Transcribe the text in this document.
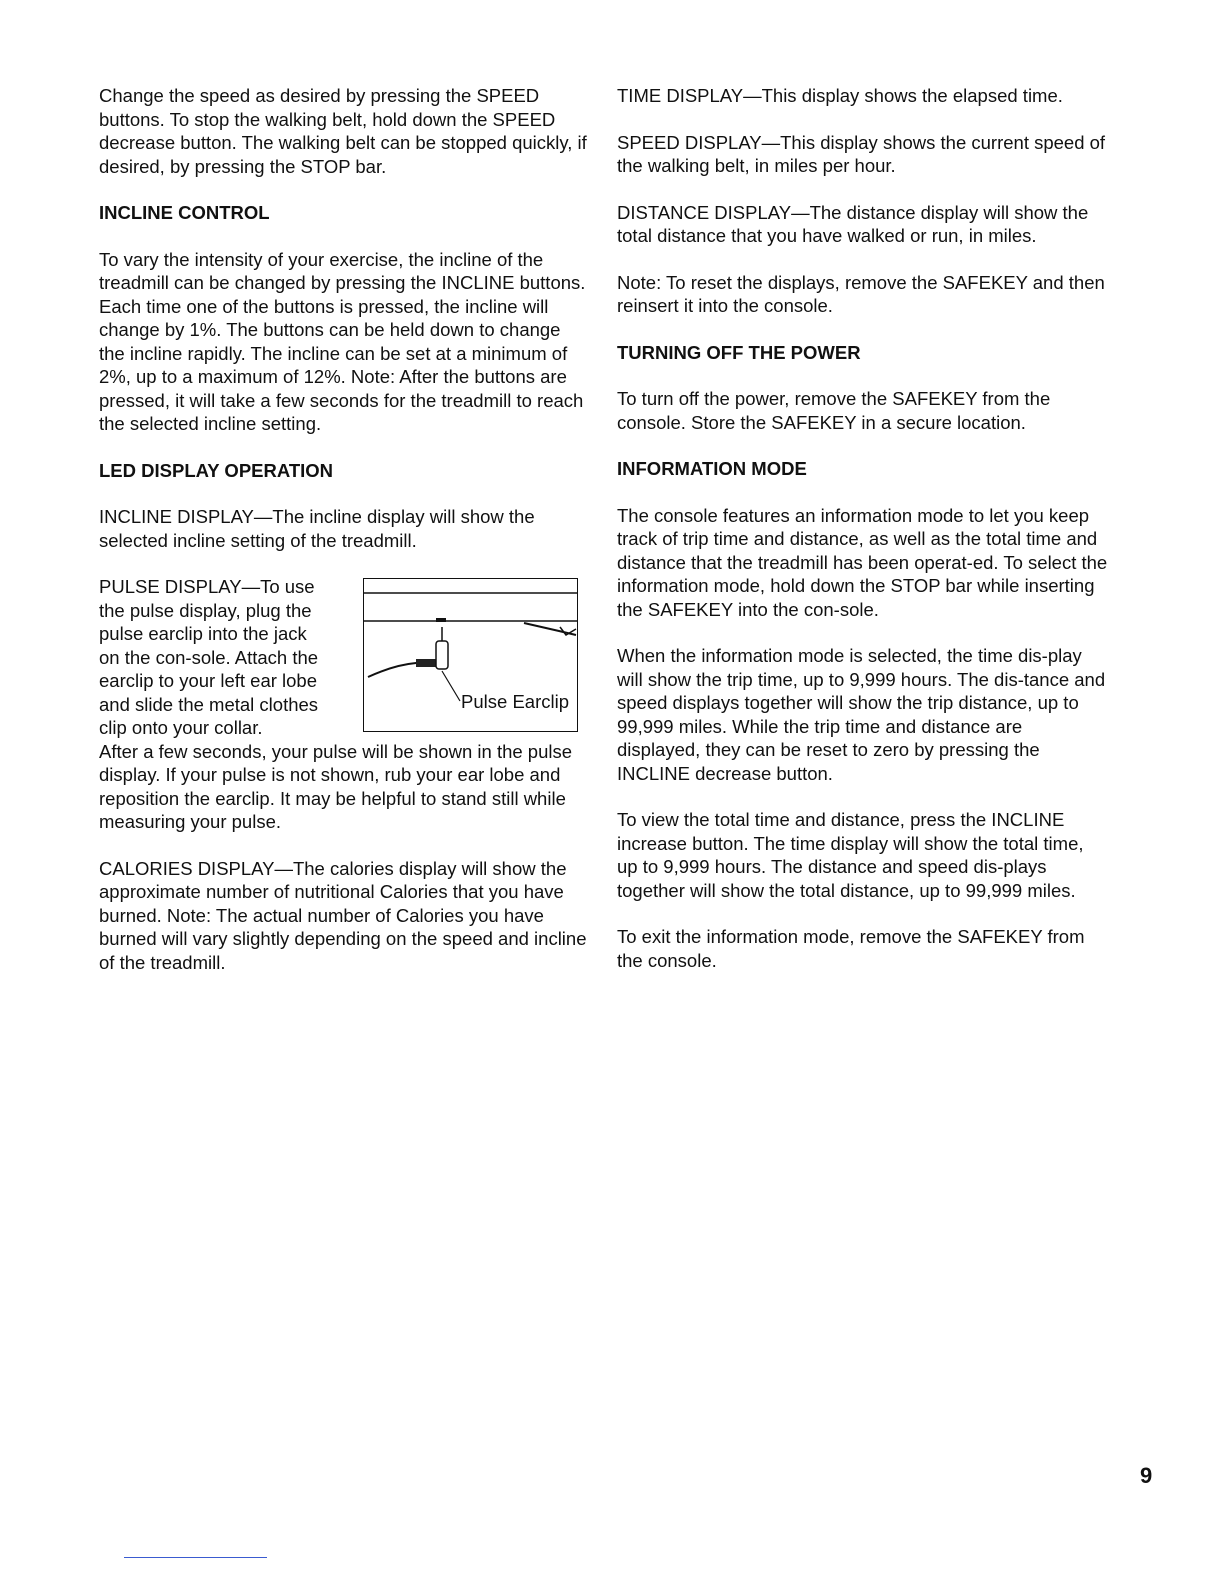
Change the speed as desired by pressing the SPEED buttons. To stop the walking belt, hold down the SPEED decrease button. The walking belt can be stopped quickly, if desired, by pressing the STOP bar.

INCLINE CONTROL

To vary the intensity of your exercise, the incline of the treadmill can be changed by pressing the INCLINE buttons. Each time one of the buttons is pressed, the incline will change by 1%. The buttons can be held down to change the incline rapidly. The incline can be set at a minimum of 2%, up to a maximum of 12%. Note: After the buttons are pressed, it will take a few seconds for the treadmill to reach the selected incline setting.

LED DISPLAY OPERATION

INCLINE DISPLAY—The incline display will show the selected incline setting of the treadmill.

PULSE DISPLAY—To use the pulse display, plug the pulse earclip into the jack on the con-sole. Attach the earclip to your left ear lobe and slide the metal clothes clip onto your collar.

Pulse Earclip

After a few seconds, your pulse will be shown in the pulse display. If your pulse is not shown, rub your ear lobe and reposition the earclip. It may be helpful to stand still while measuring your pulse.

CALORIES DISPLAY—The calories display will show the approximate number of nutritional Calories that you have burned. Note: The actual number of Calories you have burned will vary slightly depending on the speed and incline of the treadmill.

TIME DISPLAY—This display shows the elapsed time.

SPEED DISPLAY—This display shows the current speed of the walking belt, in miles per hour.

DISTANCE DISPLAY—The distance display will show the total distance that you have walked or run, in miles.

Note: To reset the displays, remove the SAFEKEY and then reinsert it into the console.

TURNING OFF THE POWER

To turn off the power, remove the SAFEKEY from the console. Store the SAFEKEY in a secure location.

INFORMATION MODE

The console features an information mode to let you keep track of trip time and distance, as well as the total time and distance that the treadmill has been operat-ed. To select the information mode, hold down the STOP bar while inserting the SAFEKEY into the con-sole.

When the information mode is selected, the time dis-play will show the trip time, up to 9,999 hours. The dis-tance and speed displays together will show the trip distance, up to 99,999 miles. While the trip time and distance are displayed, they can be reset to zero by pressing the INCLINE decrease button.

To view the total time and distance, press the INCLINE increase button. The time display will show the total time, up to 9,999 hours. The distance and speed dis-plays together will show the total distance, up to 99,999 miles.

To exit the information mode, remove the SAFEKEY from the console.

9
